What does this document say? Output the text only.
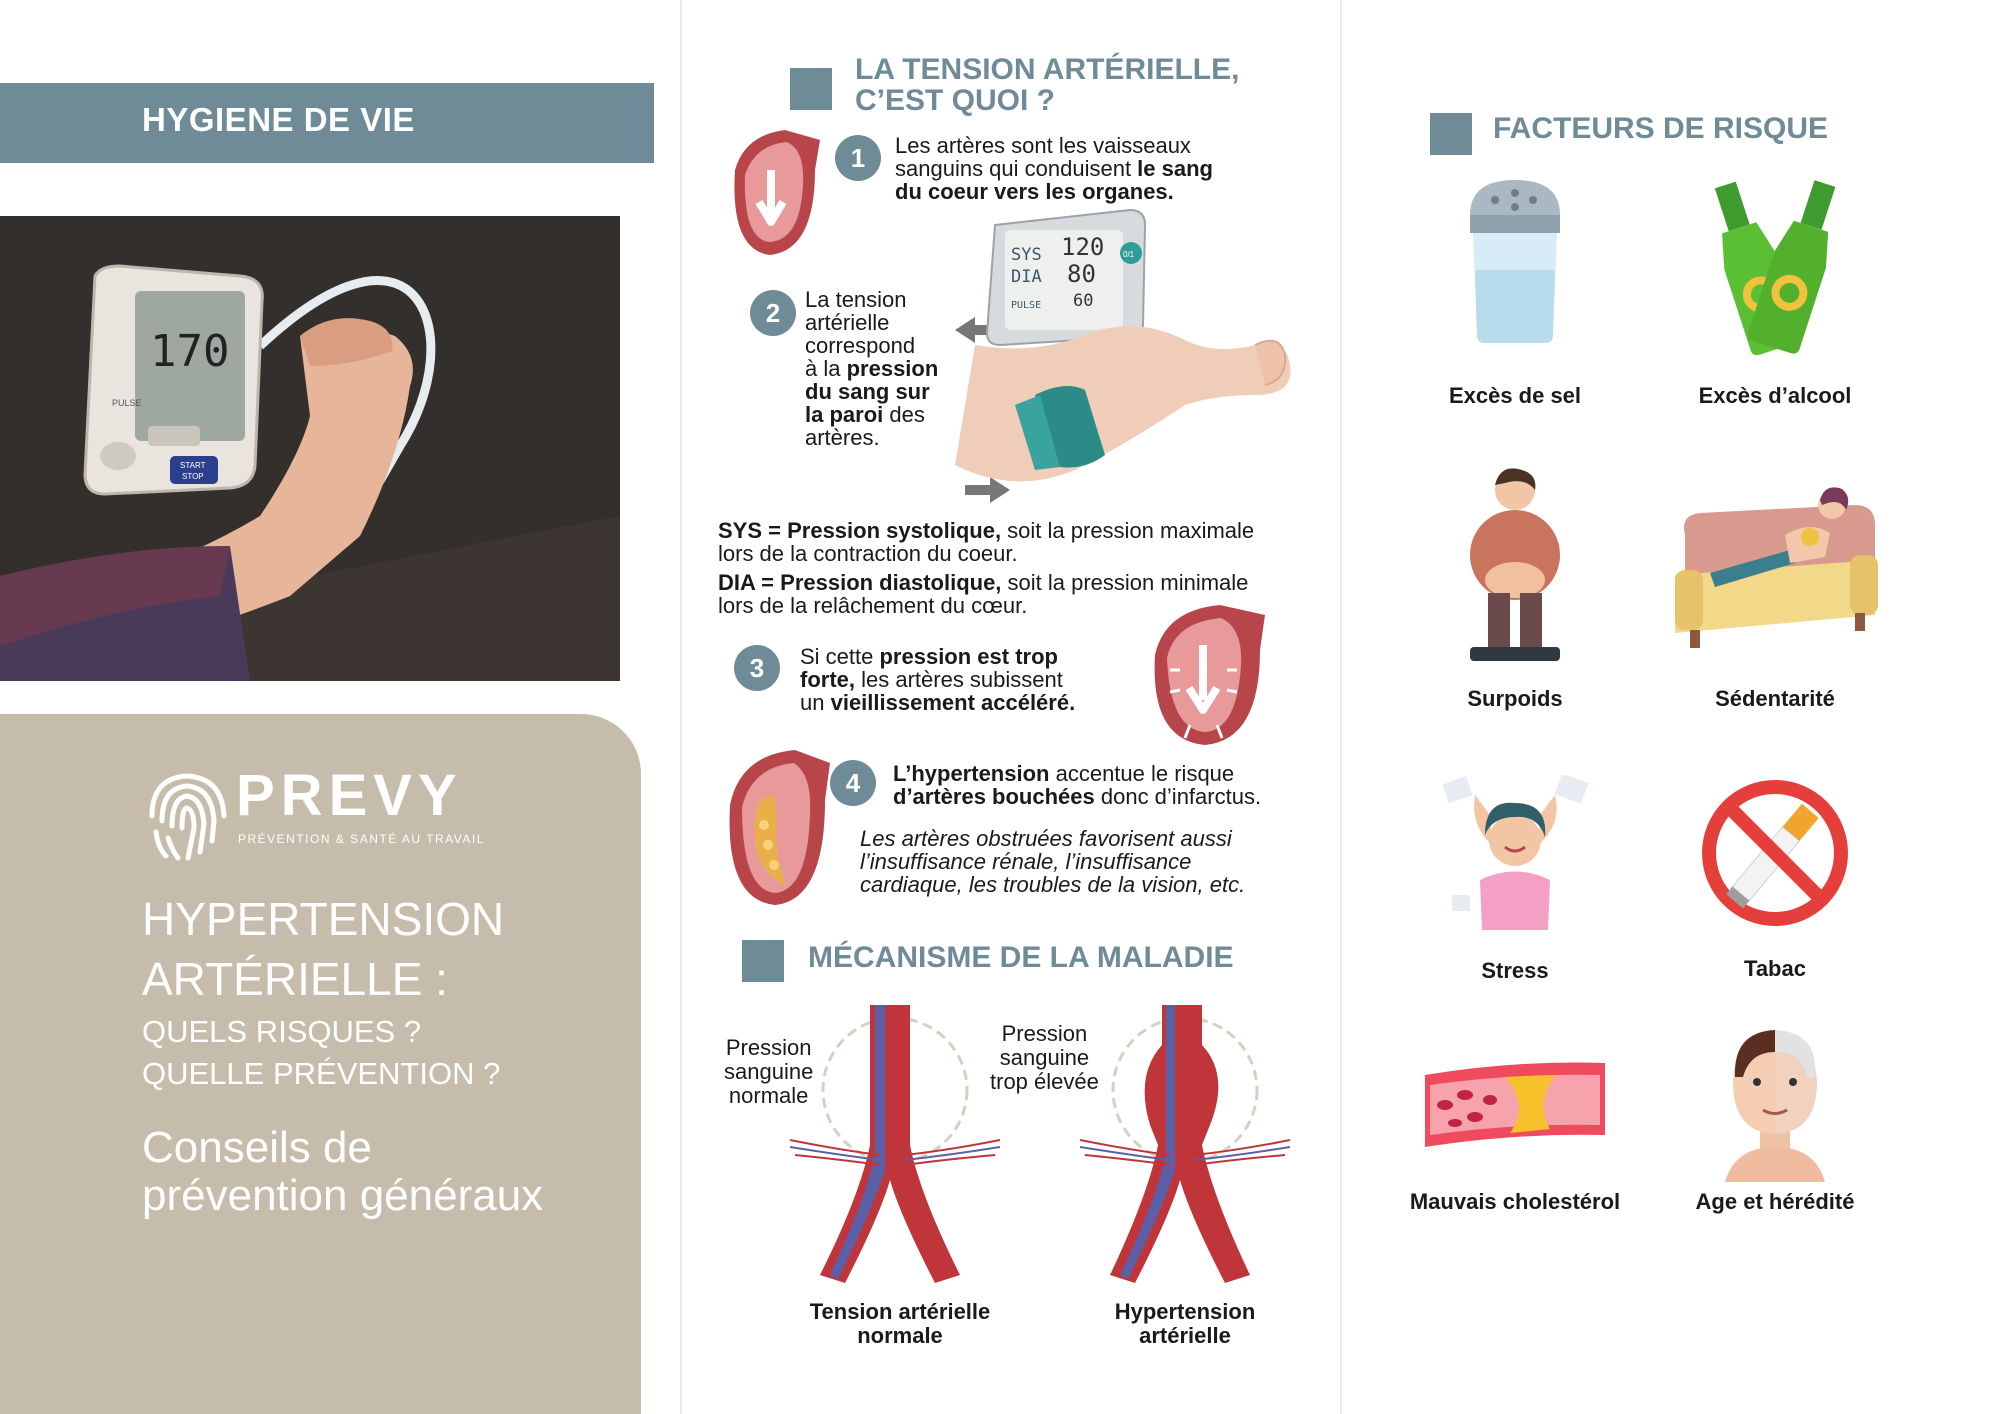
HYGIENE DE VIE
170
PULSE
START
STOP
PREVY
PRÉVENTION & SANTÉ AU TRAVAIL
HYPERTENSION
ARTÉRIELLE :
QUELS RISQUES ?
QUELLE PRÉVENTION ?
Conseils de
prévention généraux
LA TENSION ARTÉRIELLE,
C’EST QUOI ?
1	Les artères sont les vaisseaux
sanguins qui conduisent le sang
du coeur vers les organes.
2	La tension
artérielle
correspond
à la pression
du sang sur
la paroi des
artères.
SYS
DIA
PULSE
120
80
60
0/1
SYS = Pression systolique, soit la pression maximale
lors de la contraction du coeur.
DIA = Pression diastolique, soit la pression minimale
lors de la relâchement du cœur.
3	Si cette pression est trop
forte, les artères subissent
un vieillissement accéléré.
4	L’hypertension accentue le risque
d’artères bouchées donc d’infarctus.
Les artères obstruées favorisent aussi
l’insuffisance rénale, l’insuffisance
cardiaque, les troubles de la vision, etc.
MÉCANISME DE LA MALADIE
Pression
sanguine
normale
Pression
sanguine
trop élevée
Tension artérielle
normale
Hypertension
artérielle
FACTEURS DE RISQUE
Excès de sel	Excès d’alcool
Surpoids	Sédentarité
Stress	Tabac
Mauvais cholestérol	Age et hérédité
